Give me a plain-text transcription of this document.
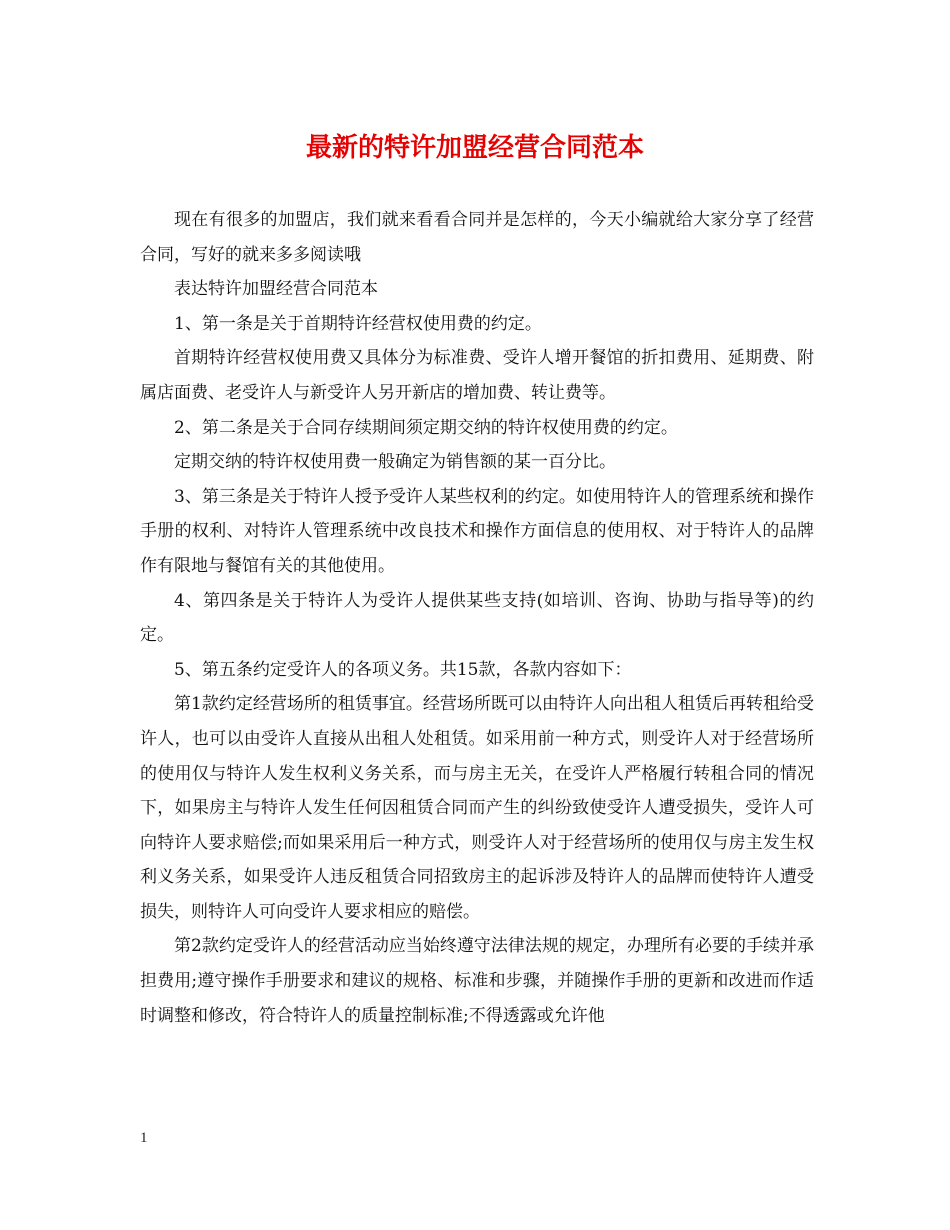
最新的特许加盟经营合同范本

现在有很多的加盟店，我们就来看看合同并是怎样的，今天小编就给大家分享了经营合同，写好的就来多多阅读哦

表达特许加盟经营合同范本

1、第一条是关于首期特许经营权使用费的约定。

首期特许经营权使用费又具体分为标准费、受许人增开餐馆的折扣费用、延期费、附属店面费、老受许人与新受许人另开新店的增加费、转让费等。

2、第二条是关于合同存续期间须定期交纳的特许权使用费的约定。

定期交纳的特许权使用费一般确定为销售额的某一百分比。

3、第三条是关于特许人授予受许人某些权利的约定。如使用特许人的管理系统和操作手册的权利、对特许人管理系统中改良技术和操作方面信息的使用权、对于特许人的品牌作有限地与餐馆有关的其他使用。

4、第四条是关于特许人为受许人提供某些支持(如培训、咨询、协助与指导等)的约定。

5、第五条约定受许人的各项义务。共15款，各款内容如下：

第1款约定经营场所的租赁事宜。经营场所既可以由特许人向出租人租赁后再转租给受许人，也可以由受许人直接从出租人处租赁。如采用前一种方式，则受许人对于经营场所的使用仅与特许人发生权利义务关系，而与房主无关，在受许人严格履行转租合同的情况下，如果房主与特许人发生任何因租赁合同而产生的纠纷致使受许人遭受损失，受许人可向特许人要求赔偿;而如果采用后一种方式，则受许人对于经营场所的使用仅与房主发生权利义务关系，如果受许人违反租赁合同招致房主的起诉涉及特许人的品牌而使特许人遭受损失，则特许人可向受许人要求相应的赔偿。

第2款约定受许人的经营活动应当始终遵守法律法规的规定，办理所有必要的手续并承担费用;遵守操作手册要求和建议的规格、标准和步骤，并随操作手册的更新和改进而作适时调整和修改，符合特许人的质量控制标准;不得透露或允许他

1
